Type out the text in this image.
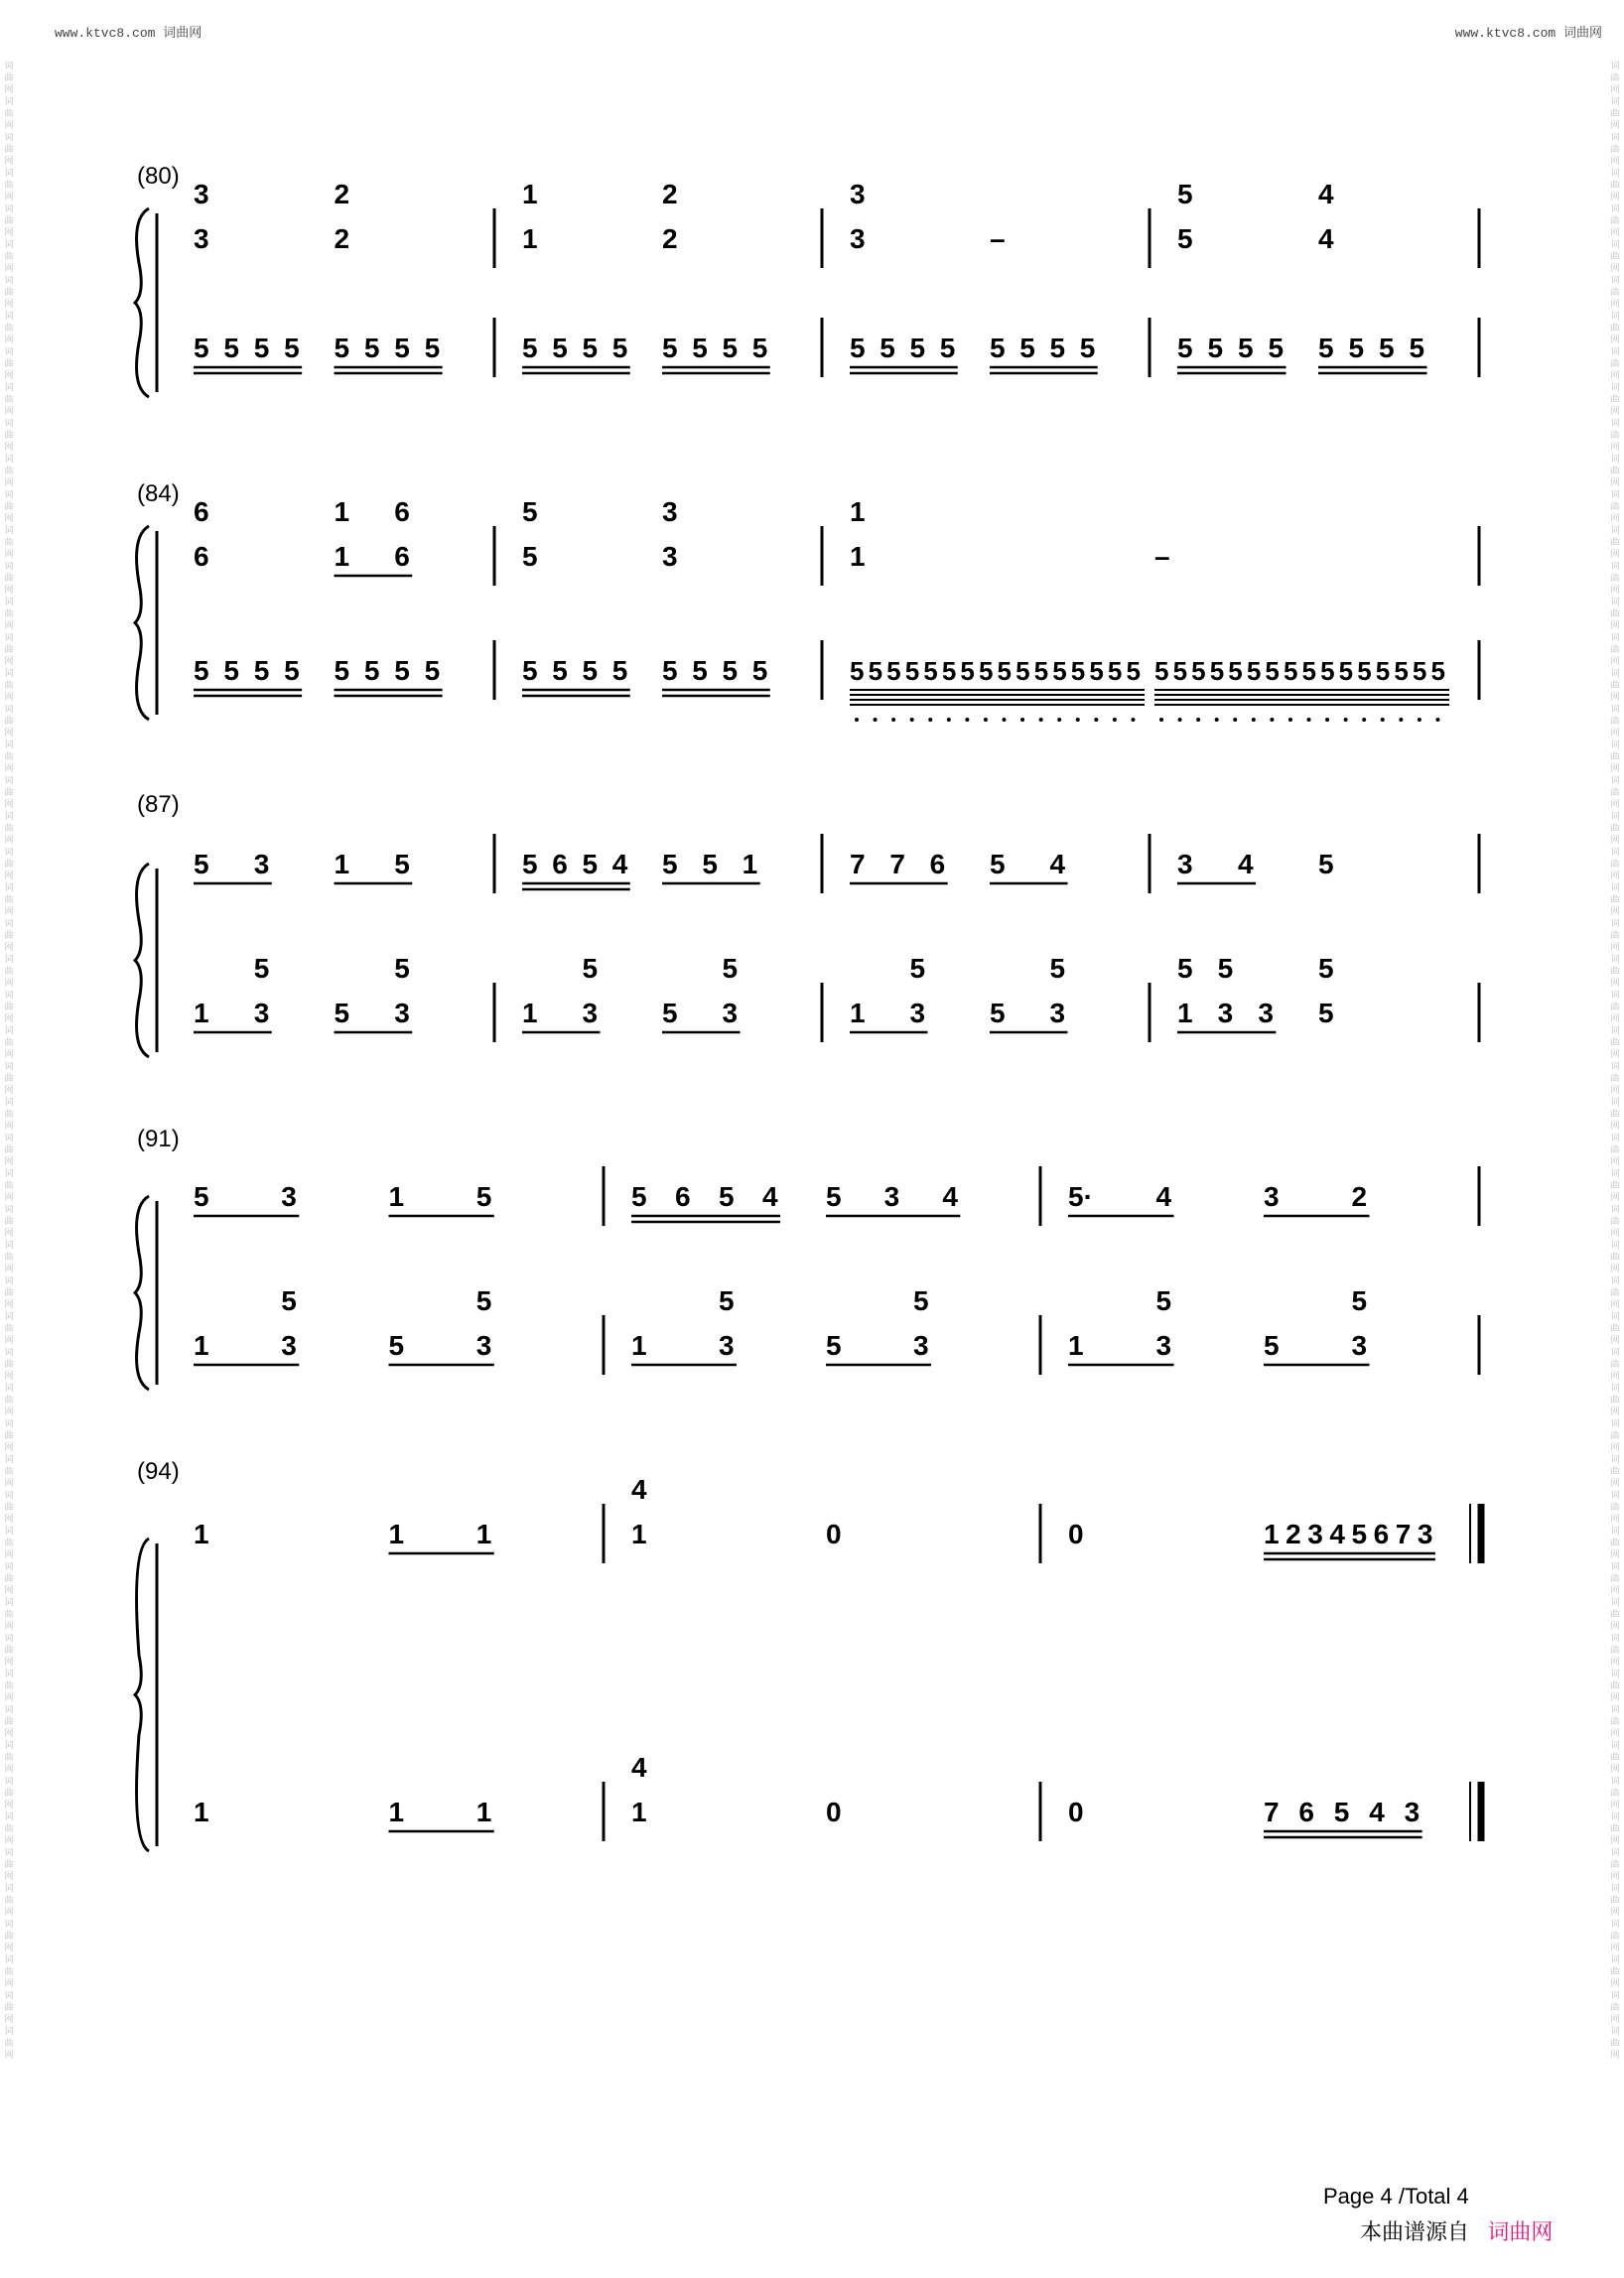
www.ktvc8.com 词曲网	www.ktvc8.com 词曲网
词曲网词曲网词曲网词曲网词曲网词曲网词曲网词曲网词曲网词曲网词曲网词曲网词曲网词曲网词曲网词曲网词曲网词曲网词曲网词曲网词曲网词曲网词曲网词曲网词曲网词曲网词曲网词曲网词曲网词曲网词曲网词曲网词曲网词曲网词曲网词曲网词曲网词曲网词曲网词曲网词曲网词曲网词曲网词曲网词曲网词曲网词曲网词曲网词曲网词曲网词曲网词曲网词曲网词曲网词曲网词曲网
词曲网词曲网词曲网词曲网词曲网词曲网词曲网词曲网词曲网词曲网词曲网词曲网词曲网词曲网词曲网词曲网词曲网词曲网词曲网词曲网词曲网词曲网词曲网词曲网词曲网词曲网词曲网词曲网词曲网词曲网词曲网词曲网词曲网词曲网词曲网词曲网词曲网词曲网词曲网词曲网词曲网词曲网词曲网词曲网词曲网词曲网词曲网词曲网词曲网词曲网词曲网词曲网词曲网词曲网词曲网词曲网
(80)
3
3
2
2
1
1
2
2
3
3
–	5
5
4
4
5 5 5 5 5 5 5 5	5 5 5 5 5 5 5 5	5 5 5 5 5 5 5 5	5 5 5 5 5 5 5 5
(84)
6
6
1 6
1 6
5
5
3
3
1
1
–
5 5 5 5 5 5 5 5	5 5 5 5 5 5 5 5	5 5 5 5 5 5 5 5 5 5 5 5 5 5 5 5 5 5 5 5 5 5 5 5 5 5 5 5 5 5 5 5
(87)
5 3 1 5	5 6 5 4 5 5 1	7 7 6 5 4	3 4 5
1 3
5
5 3
5
1 3
5
5 3
5
1 3
5
5 3
5
1 3 3
5 5
5
5
(91)
5	3	1	5	5 6 5 4 5 3 4	5· 4	3	2
1	3
5
5	3
5
1	3
5
5	3
5
1	3
5
5	3
5
(94)
1	1	1	1
4
0	0	1 2 3 4 5 6 7 3
1	1	1	1
4
0	0	7 6 5 4 3
Page 4 /Total 4
本曲谱源自 词曲网
